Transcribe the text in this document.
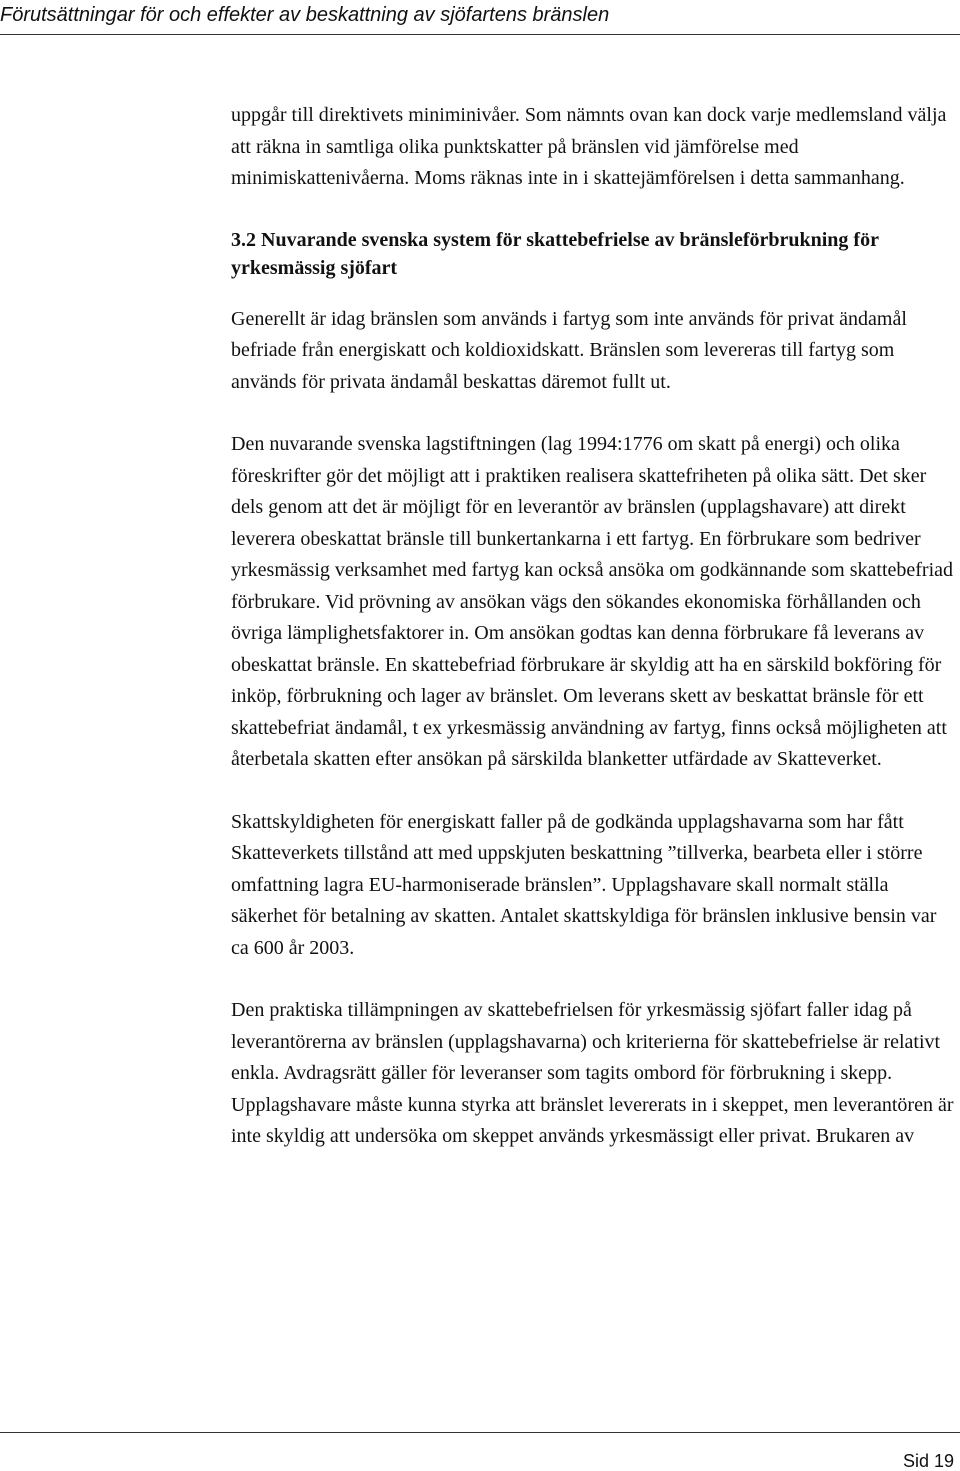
Förutsättningar för och effekter av beskattning av sjöfartens bränslen

uppgår till direktivets miniminivåer. Som nämnts ovan kan dock varje medlemsland välja att räkna in samtliga olika punktskatter på bränslen vid jämförelse med minimiskattenivåerna. Moms räknas inte in i skattejämförelsen i detta sammanhang.

3.2 Nuvarande svenska system för skattebefrielse av bränsleförbrukning för yrkesmässig sjöfart

Generellt är idag bränslen som används i fartyg som inte används för privat ändamål befriade från energiskatt och koldioxidskatt. Bränslen som levereras till fartyg som används för privata ändamål beskattas däremot fullt ut.

Den nuvarande svenska lagstiftningen (lag 1994:1776 om skatt på energi) och olika föreskrifter gör det möjligt att i praktiken realisera skattefriheten på olika sätt. Det sker dels genom att det är möjligt för en leverantör av bränslen (upplagshavare) att direkt leverera obeskattat bränsle till bunkertankarna i ett fartyg. En förbrukare som bedriver yrkesmässig verksamhet med fartyg kan också ansöka om godkännande som skattebefriad förbrukare. Vid prövning av ansökan vägs den sökandes ekonomiska förhållanden och övriga lämplighetsfaktorer in. Om ansökan godtas kan denna förbrukare få leverans av obeskattat bränsle. En skattebefriad förbrukare är skyldig att ha en särskild bokföring för inköp, förbrukning och lager av bränslet. Om leverans skett av beskattat bränsle för ett skattebefriat ändamål, t ex yrkesmässig användning av fartyg, finns också möjligheten att återbetala skatten efter ansökan på särskilda blanketter utfärdade av Skatteverket.

Skattskyldigheten för energiskatt faller på de godkända upplagshavarna som har fått Skatteverkets tillstånd att med uppskjuten beskattning ”tillverka, bearbeta eller i större omfattning lagra EU-harmoniserade bränslen”. Upplagshavare skall normalt ställa säkerhet för betalning av skatten. Antalet skattskyldiga för bränslen inklusive bensin var ca 600 år 2003.

Den praktiska tillämpningen av skattebefrielsen för yrkesmässig sjöfart faller idag på leverantörerna av bränslen (upplagshavarna) och kriterierna för skattebefrielse är relativt enkla. Avdragsrätt gäller för leveranser som tagits ombord för förbrukning i skepp. Upplagshavare måste kunna styrka att bränslet levererats in i skeppet, men leverantören är inte skyldig att undersöka om skeppet används yrkesmässigt eller privat. Brukaren av

Sid 19
